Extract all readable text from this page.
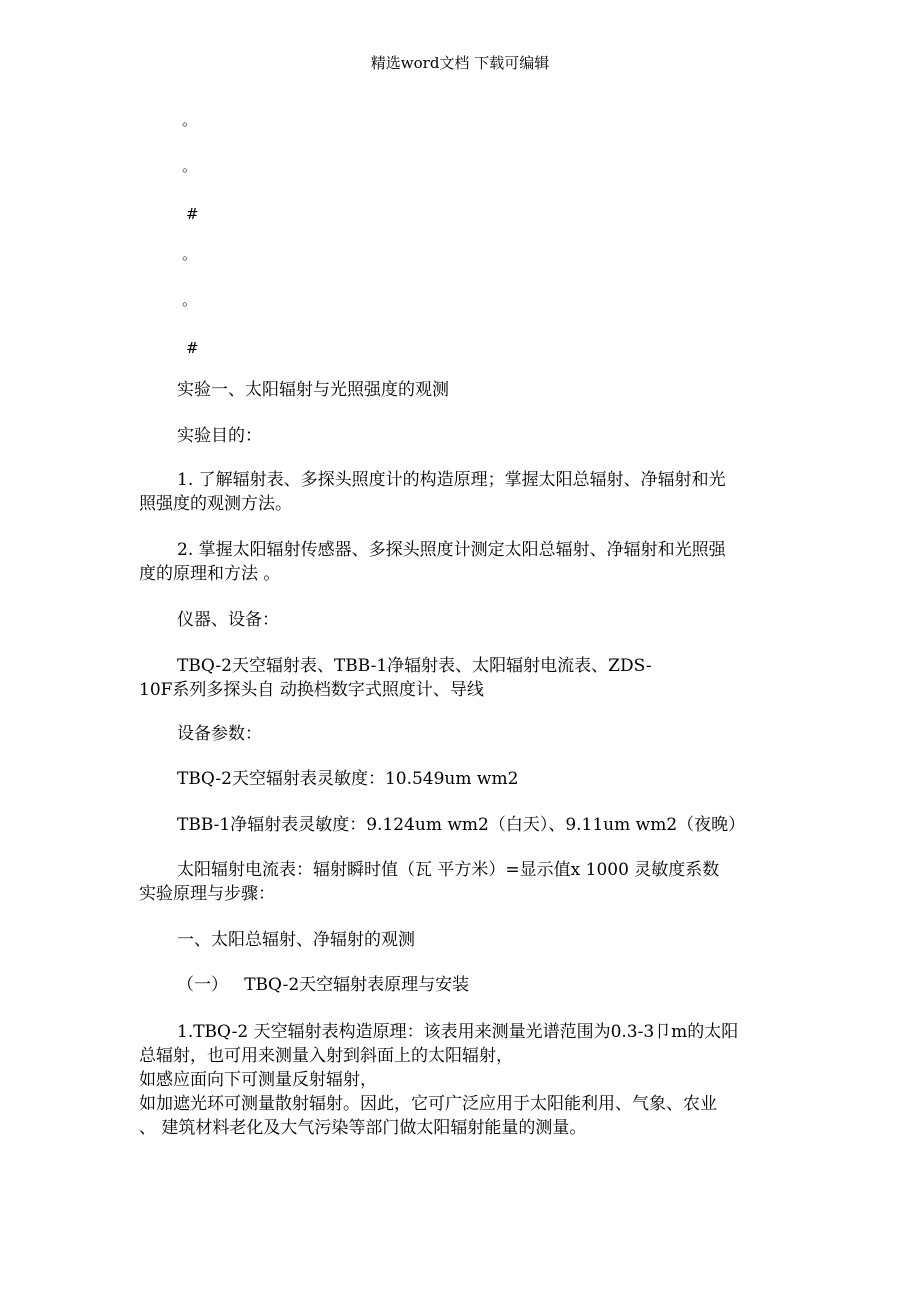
精选word文档 下载可编辑
。
。
#
。
。
#
实验一、太阳辐射与光照强度的观测
实验目的：
1. 了解辐射表、多探头照度计的构造原理；掌握太阳总辐射、净辐射和光
照强度的观测方法。
2. 掌握太阳辐射传感器、多探头照度计测定太阳总辐射、净辐射和光照强
度的原理和方法 。
仪器、设备：
TBQ-2天空辐射表、TBB-1净辐射表、太阳辐射电流表、ZDS-
10F系列多探头自 动换档数字式照度计、导线
设备参数：
TBQ-2天空辐射表灵敏度：10.549um wm2
TBB-1净辐射表灵敏度：9.124um wm2（白天）、9.11um wm2（夜晚）
太阳辐射电流表：辐射瞬时值（瓦 平方米）=显示值x 1000 灵敏度系数
实验原理与步骤：
一、太阳总辐射、净辐射的观测
（一）   TBQ-2天空辐射表原理与安装
1.TBQ-2 天空辐射表构造原理：该表用来测量光谱范围为0.3-3卩m的太阳
总辐射，也可用来测量入射到斜面上的太阳辐射，
如感应面向下可测量反射辐射，
如加遮光环可测量散射辐射。因此，它可广泛应用于太阳能利用、气象、农业
、 建筑材料老化及大气污染等部门做太阳辐射能量的测量。
